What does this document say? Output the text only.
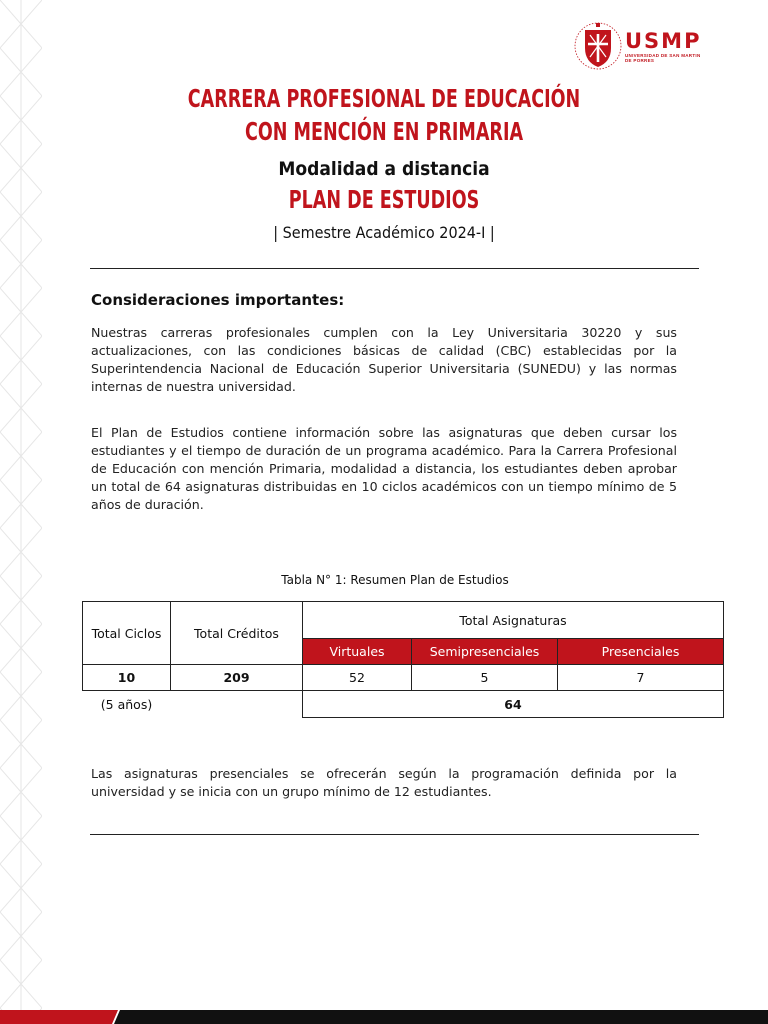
USMP
UNIVERSIDAD DE SAN MARTIN DE PORRES
CARRERA PROFESIONAL DE EDUCACIÓN
CON MENCIÓN EN PRIMARIA
Modalidad a distancia
PLAN DE ESTUDIOS
| Semestre Académico 2024-I |
Consideraciones importantes:
Nuestras carreras profesionales cumplen con la Ley Universitaria 30220 y sus actualizaciones, con las condiciones básicas de calidad (CBC) establecidas por la Superintendencia Nacional de Educación Superior Universitaria (SUNEDU) y las normas internas de nuestra universidad.
El Plan de Estudios contiene información sobre las asignaturas que deben cursar los estudiantes y el tiempo de duración de un programa académico. Para la Carrera Profesional de Educación con mención Primaria, modalidad a distancia, los estudiantes deben aprobar un total de 64 asignaturas distribuidas en 10 ciclos académicos con un tiempo mínimo de 5 años de duración.
Tabla N° 1: Resumen Plan de Estudios
Total Ciclos	Total Créditos	Total Asignaturas		
		Virtuales	Semipresenciales	Presenciales
10	209	52	5	7
(5 años)		64		
Las asignaturas presenciales se ofrecerán según la programación definida por la universidad y se inicia con un grupo mínimo de 12 estudiantes.
